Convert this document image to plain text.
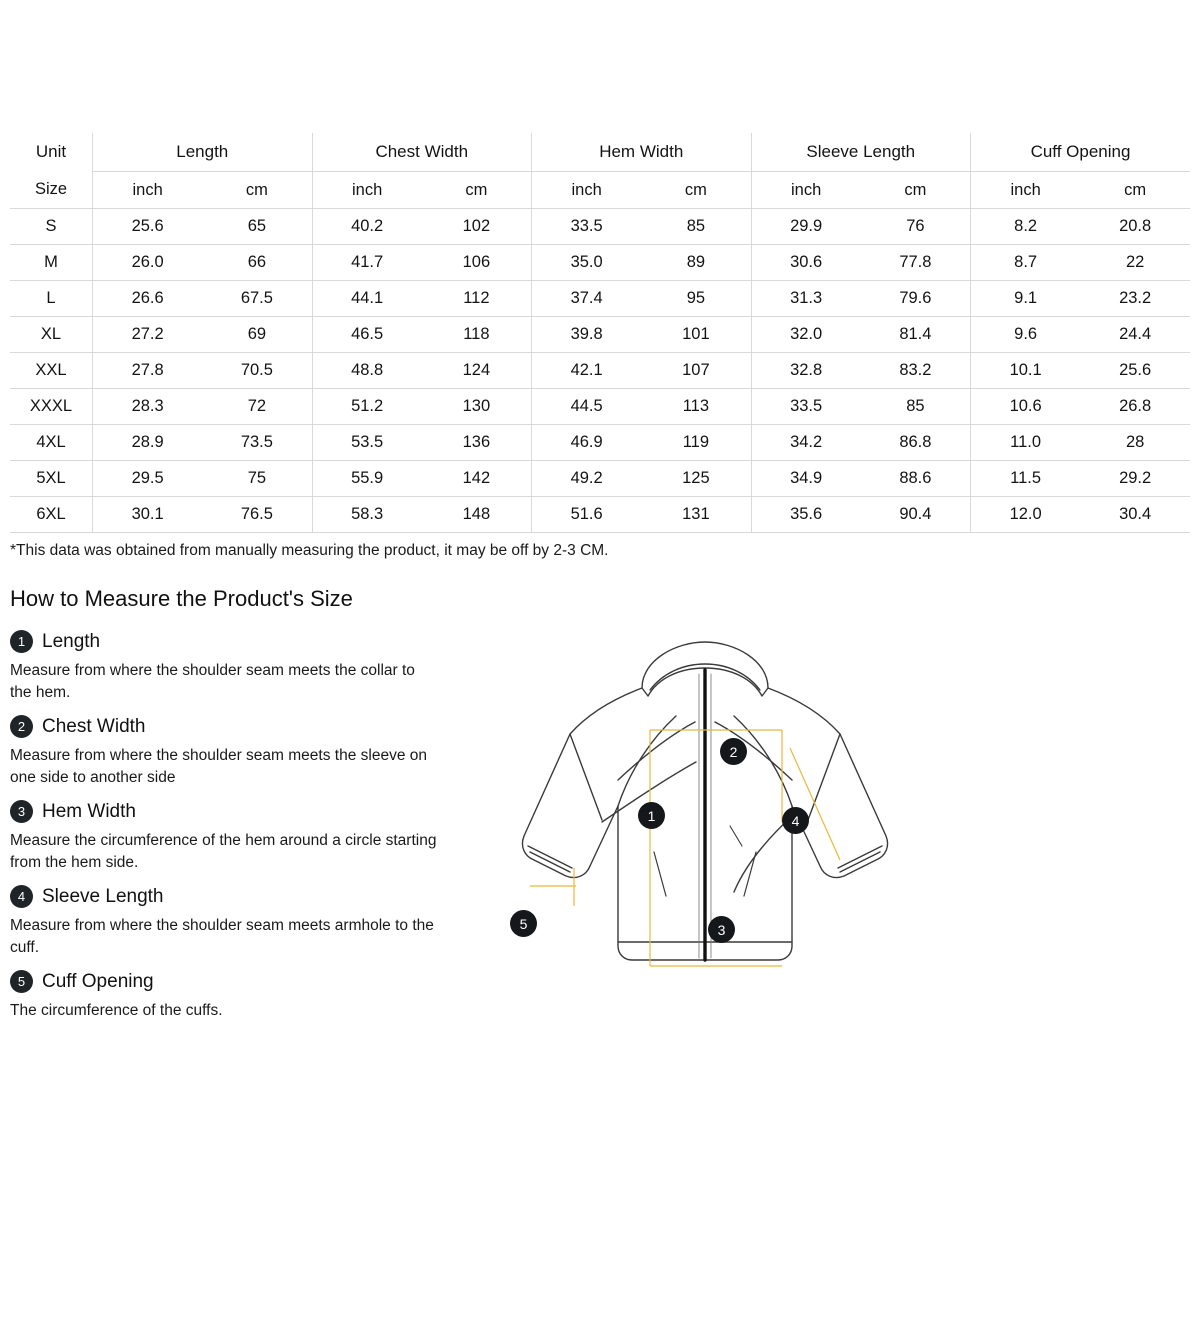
Unit	Length		Chest Width		Hem Width		Sleeve Length		Cuff Opening	
Size	inch	cm	inch	cm	inch	cm	inch	cm	inch	cm
S	25.6	65	40.2	102	33.5	85	29.9	76	8.2	20.8
M	26.0	66	41.7	106	35.0	89	30.6	77.8	8.7	22
L	26.6	67.5	44.1	112	37.4	95	31.3	79.6	9.1	23.2
XL	27.2	69	46.5	118	39.8	101	32.0	81.4	9.6	24.4
XXL	27.8	70.5	48.8	124	42.1	107	32.8	83.2	10.1	25.6
XXXL	28.3	72	51.2	130	44.5	113	33.5	85	10.6	26.8
4XL	28.9	73.5	53.5	136	46.9	119	34.2	86.8	11.0	28
5XL	29.5	75	55.9	142	49.2	125	34.9	88.6	11.5	29.2
6XL	30.1	76.5	58.3	148	51.6	131	35.6	90.4	12.0	30.4

*This data was obtained from manually measuring the product, it may be off by 2-3 CM.

How to Measure the Product's Size
1 Length

Measure from where the shoulder seam meets the collar to the hem.

2 Chest Width

Measure from where the shoulder seam meets the sleeve on one side to another side

3 Hem Width

Measure the circumference of the hem around a circle starting from the hem side.

4 Sleeve Length

Measure from where the shoulder seam meets armhole to the cuff.

5 Cuff Opening

The circumference of the cuffs.

1
2
3
4
5
